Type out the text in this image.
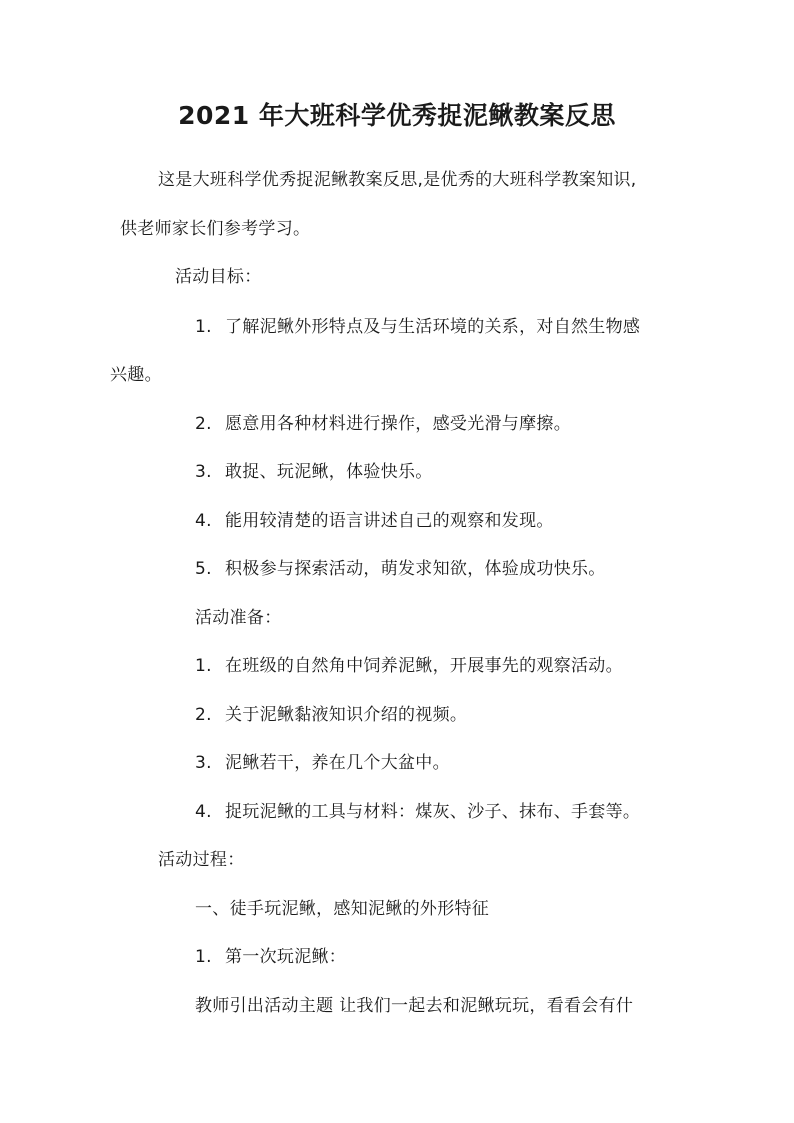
2021 年大班科学优秀捉泥鳅教案反思
这是大班科学优秀捉泥鳅教案反思,是优秀的大班科学教案知识,
供老师家长们参考学习。
活动目标：
1. 了解泥鳅外形特点及与生活环境的关系，对自然生物感
兴趣。
2. 愿意用各种材料进行操作，感受光滑与摩擦。
3. 敢捉、玩泥鳅，体验快乐。
4. 能用较清楚的语言讲述自己的观察和发现。
5. 积极参与探索活动，萌发求知欲，体验成功快乐。
活动准备：
1. 在班级的自然角中饲养泥鳅，开展事先的观察活动。
2. 关于泥鳅黏液知识介绍的视频。
3. 泥鳅若干，养在几个大盆中。
4. 捉玩泥鳅的工具与材料：煤灰、沙子、抹布、手套等。
活动过程：
一、徒手玩泥鳅，感知泥鳅的外形特征
1. 第一次玩泥鳅：
教师引出活动主题 让我们一起去和泥鳅玩玩，看看会有什
